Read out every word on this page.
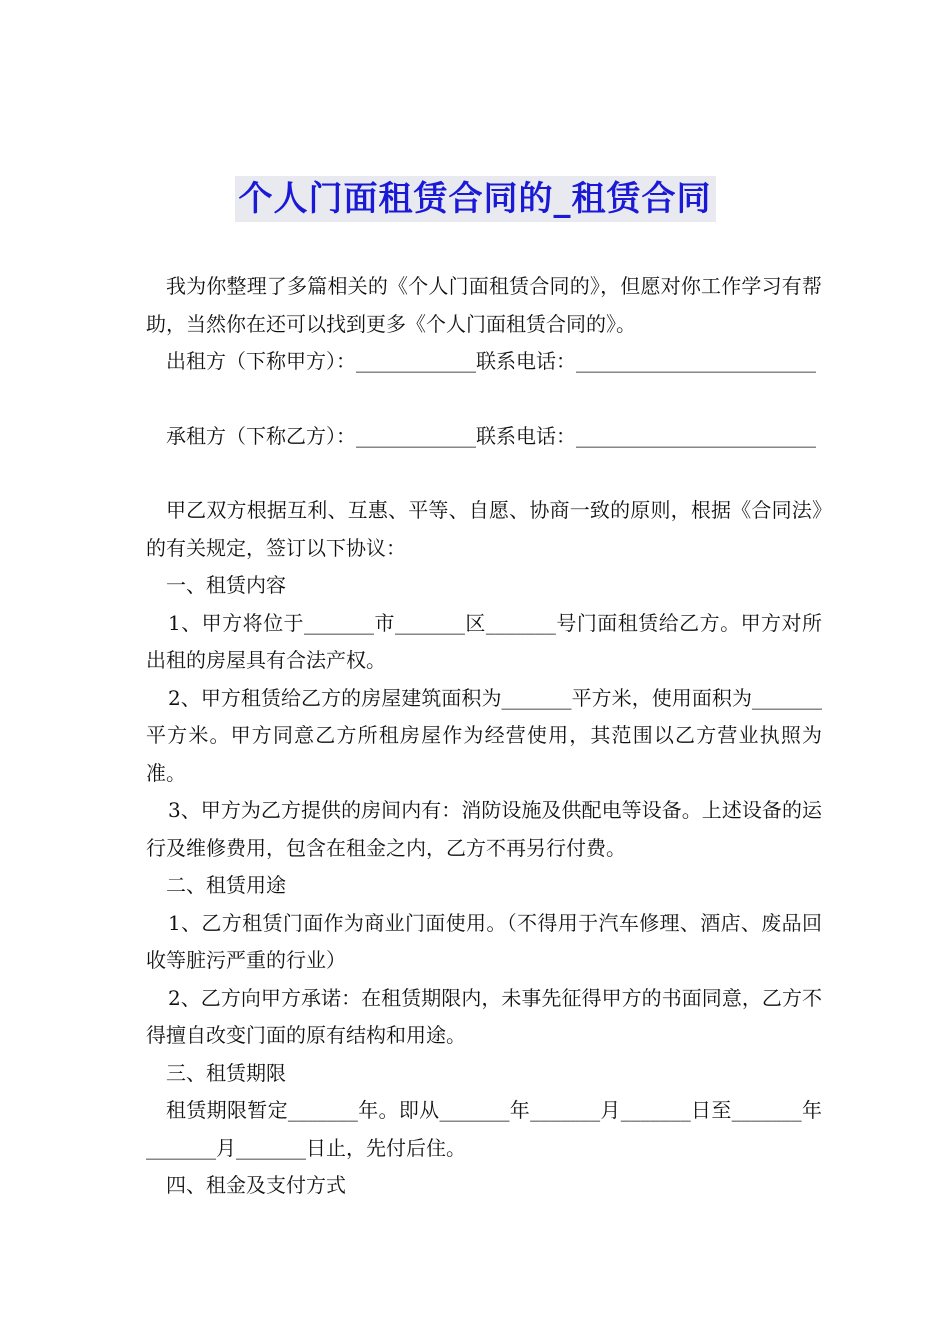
个人门面租赁合同的_租赁合同

我为你整理了多篇相关的《个人门面租赁合同的》，但愿对你工作学习有帮助，当然你在还可以找到更多《个人门面租赁合同的》。

出租方（下称甲方）：____________联系电话：________________________

承租方（下称乙方）：____________联系电话：________________________

甲乙双方根据互利、互惠、平等、自愿、协商一致的原则，根据《合同法》的有关规定，签订以下协议：

一、租赁内容

1、甲方将位于_______市_______区_______号门面租赁给乙方。甲方对所出租的房屋具有合法产权。

2、甲方租赁给乙方的房屋建筑面积为_______平方米，使用面积为_______平方米。甲方同意乙方所租房屋作为经营使用，其范围以乙方营业执照为准。

3、甲方为乙方提供的房间内有：消防设施及供配电等设备。上述设备的运行及维修费用，包含在租金之内，乙方不再另行付费。

二、租赁用途

1、乙方租赁门面作为商业门面使用。（不得用于汽车修理、酒店、废品回收等脏污严重的行业）

2、乙方向甲方承诺：在租赁期限内，未事先征得甲方的书面同意，乙方不得擅自改变门面的原有结构和用途。

三、租赁期限

租赁期限暂定_______年。即从_______年_______月_______日至_______年_______月_______日止，先付后住。

四、租金及支付方式
